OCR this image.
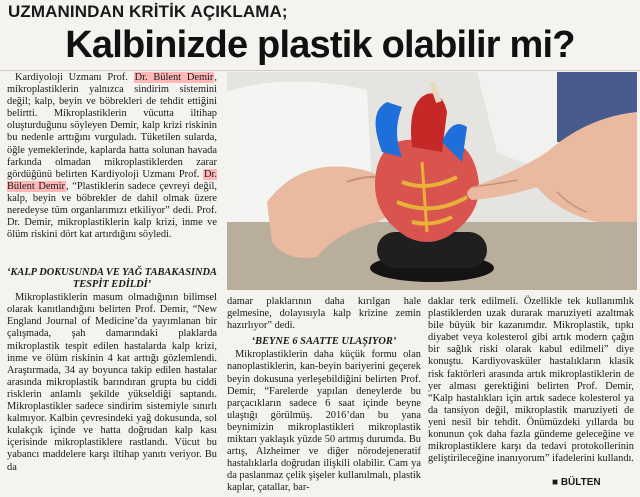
UZMANINDAN KRİTİK AÇIKLAMA;
Kalbinizde plastik olabilir mi?

Kardiyoloji Uzmanı Prof. Dr. Bülent Demir, mikroplastiklerin yalnızca sindirim sistemini değil; kalp, beyin ve böbrekleri de tehdit ettiğini belirtti. Mikroplastiklerin vücutta iltihap oluşturduğunu söyleyen Demir, kalp krizi riskinin bu nedenle arttığını vurguladı. Tüketilen sularda, öğle yemeklerinde, kaplarda hatta solunan havada farkında olmadan mikroplastiklerden zarar gördüğünü belirten Kardiyoloji Uzmanı Prof. Dr. Bülent Demir, “Plastiklerin sadece çevreyi değil, kalp, beyin ve böbrekler de dahil olmak üzere neredeyse tüm organlarımızı etkiliyor” dedi. Prof. Dr. Demir, mikroplastiklerin kalp krizi, inme ve ölüm riskini dört kat artırdığını söyledi.

‘KALP DOKUSUNDA VE YAĞ TABAKASINDA TESPİT EDİLDİ’

Mikroplastiklerin masum olmadığının bilimsel olarak kanıtlandığını belirten Prof. Demir, “New England Journal of Medicine’da yayımlanan bir çalışmada, şah damarındaki plaklarda mikroplastik tespit edilen hastalarda kalp krizi, inme ve ölüm riskinin 4 kat arttığı gözlemlendi. Araştırmada, 34 ay boyunca takip edilen hastalar arasında mikroplastik barındıran grupta bu ciddi risklerin anlamlı şekilde yükseldiği saptandı. Mikroplastikler sadece sindirim sistemiyle sınırlı kalmıyor. Kalbin çevresindeki yağ dokusunda, sol kulakçık içinde ve hatta doğrudan kalp kası içerisinde mikroplastiklere rastlandı. Vücut bu yabancı maddelere karşı iltihap yanıtı veriyor. Bu da

damar plaklarının daha kırılgan hale gelmesine, dolayısıyla kalp krizine zemin hazırlıyor” dedi.

‘BEYNE 6 SAATTE ULAŞIYOR’

Mikroplastiklerin daha küçük formu olan nanoplastiklerin, kan-beyin bariyerini geçerek beyin dokusuna yerleşebildiğini belirten Prof. Demir, “Farelerde yapılan deneylerde bu parçacıkların sadece 6 saat içinde beyne ulaştığı görülmüş. 2016’dan bu yana beynimizin mikroplastikleri mikroplastik miktarı yaklaşık yüzde 50 artmış durumda. Bu artış, Alzheimer ve diğer nörodejeneratif hastalıklarla doğrudan ilişkili olabilir. Cam ya da paslanmaz çelik şişeler kullanılmalı, plastik kaplar, çatallar, bar-

daklar terk edilmeli. Özellikle tek kullanımlık plastiklerden uzak durarak maruziyeti azaltmak bile büyük bir kazanımdır. Mikroplastik, tıpkı diyabet veya kolesterol gibi artık modern çağın bir sağlık riski olarak kabul edilmeli” diye konuştu. Kardiyovasküler hastalıkların klasik risk faktörleri arasında artık mikroplastiklerin de yer alması gerektiğini belirten Prof. Demir, “Kalp hastalıkları için artık sadece kolesterol ya da tansiyon değil, mikroplastik maruziyeti de yeni nesil bir tehdit. Önümüzdeki yıllarda bu konunun çok daha fazla gündeme geleceğine ve mikroplastiklere karşı da tedavi protokollerinin geliştirileceğine inanıyorum” ifadelerini kullandı.

■ BÜLTEN
